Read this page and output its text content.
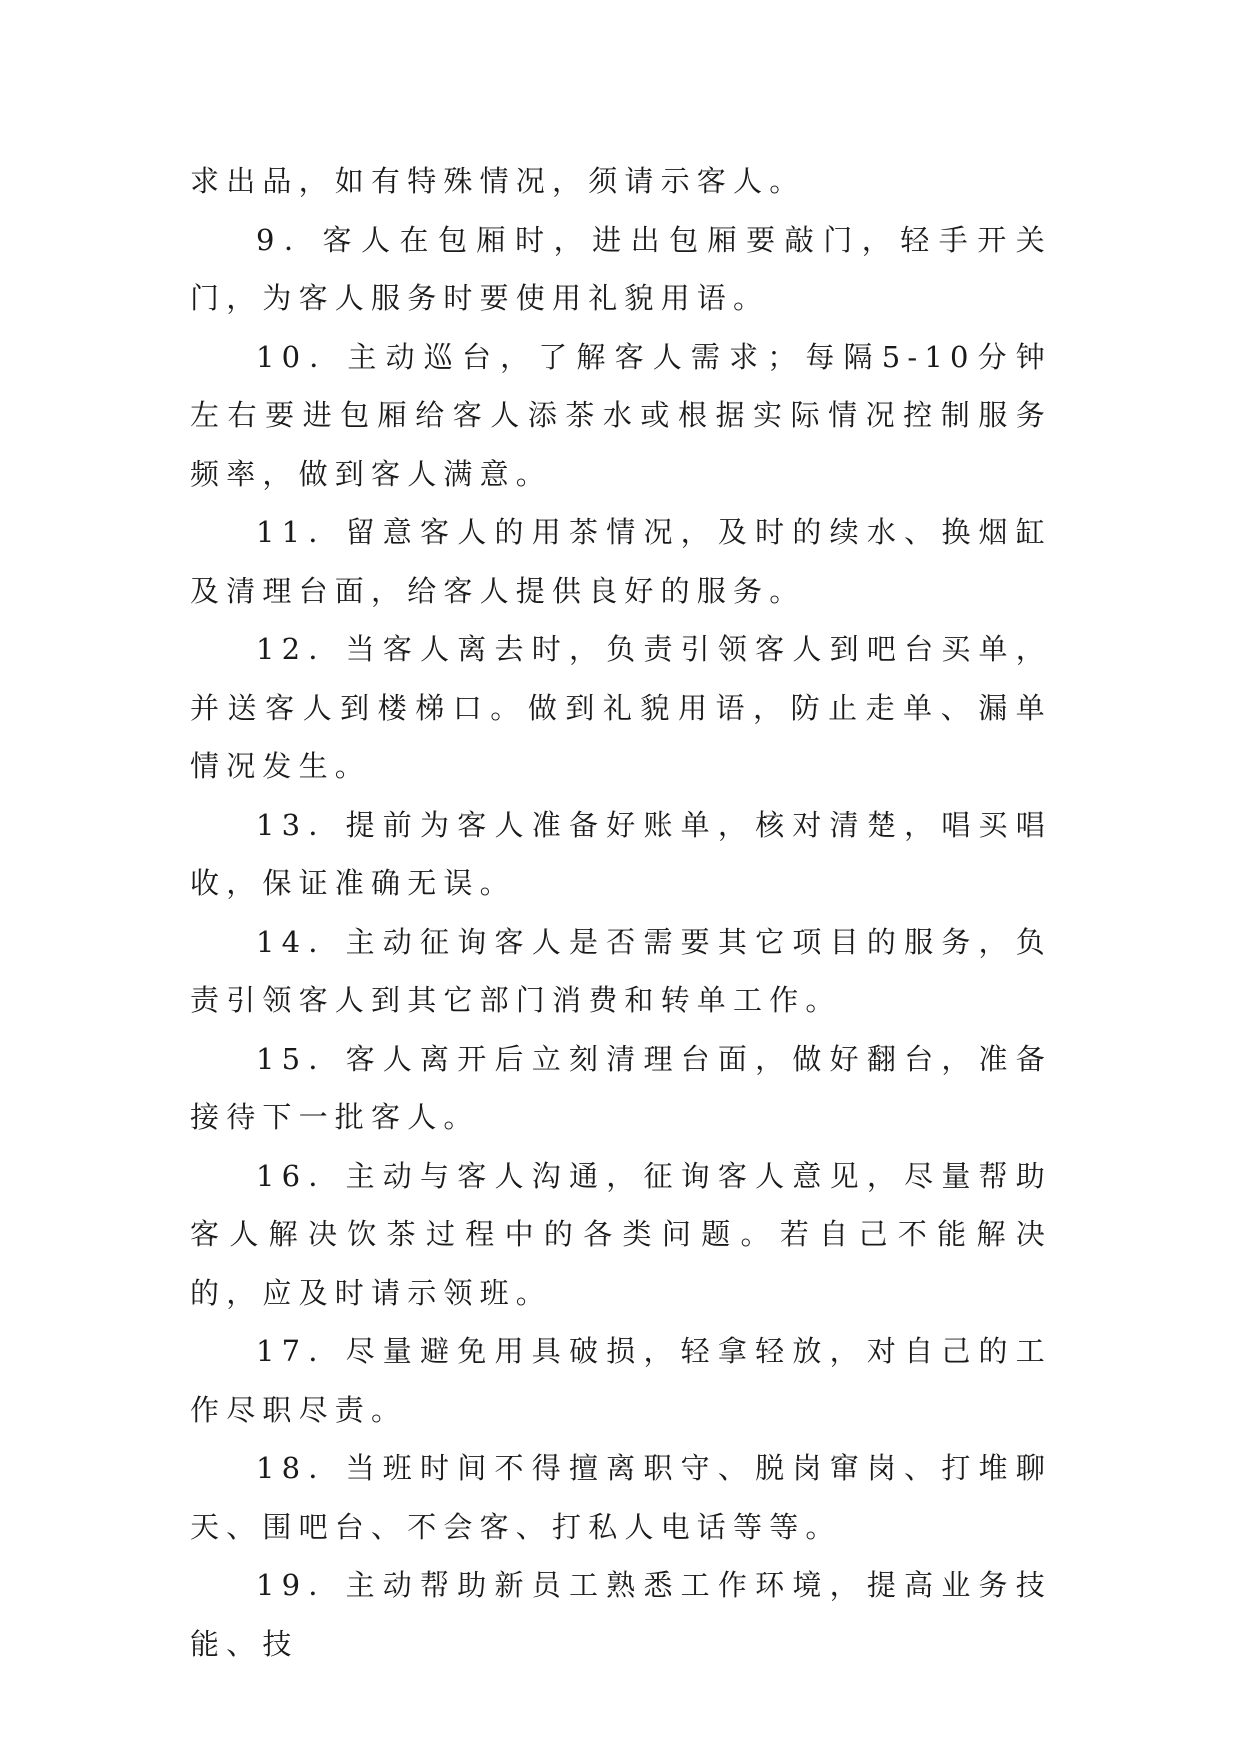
求出品，如有特殊情况，须请示客人。

9．客人在包厢时，进出包厢要敲门，轻手开关门，为客人服务时要使用礼貌用语。

10．主动巡台，了解客人需求；每隔5-10分钟左右要进包厢给客人添茶水或根据实际情况控制服务频率，做到客人满意。

11．留意客人的用茶情况，及时的续水、换烟缸及清理台面，给客人提供良好的服务。

12．当客人离去时，负责引领客人到吧台买单，并送客人到楼梯口。做到礼貌用语，防止走单、漏单情况发生。

13．提前为客人准备好账单，核对清楚，唱买唱收，保证准确无误。

14．主动征询客人是否需要其它项目的服务，负责引领客人到其它部门消费和转单工作。

15．客人离开后立刻清理台面，做好翻台，准备接待下一批客人。

16．主动与客人沟通，征询客人意见，尽量帮助客人解决饮茶过程中的各类问题。若自己不能解决的，应及时请示领班。

17．尽量避免用具破损，轻拿轻放，对自己的工作尽职尽责。

18．当班时间不得擅离职守、脱岗窜岗、打堆聊天、围吧台、不会客、打私人电话等等。

19．主动帮助新员工熟悉工作环境，提高业务技能、技
